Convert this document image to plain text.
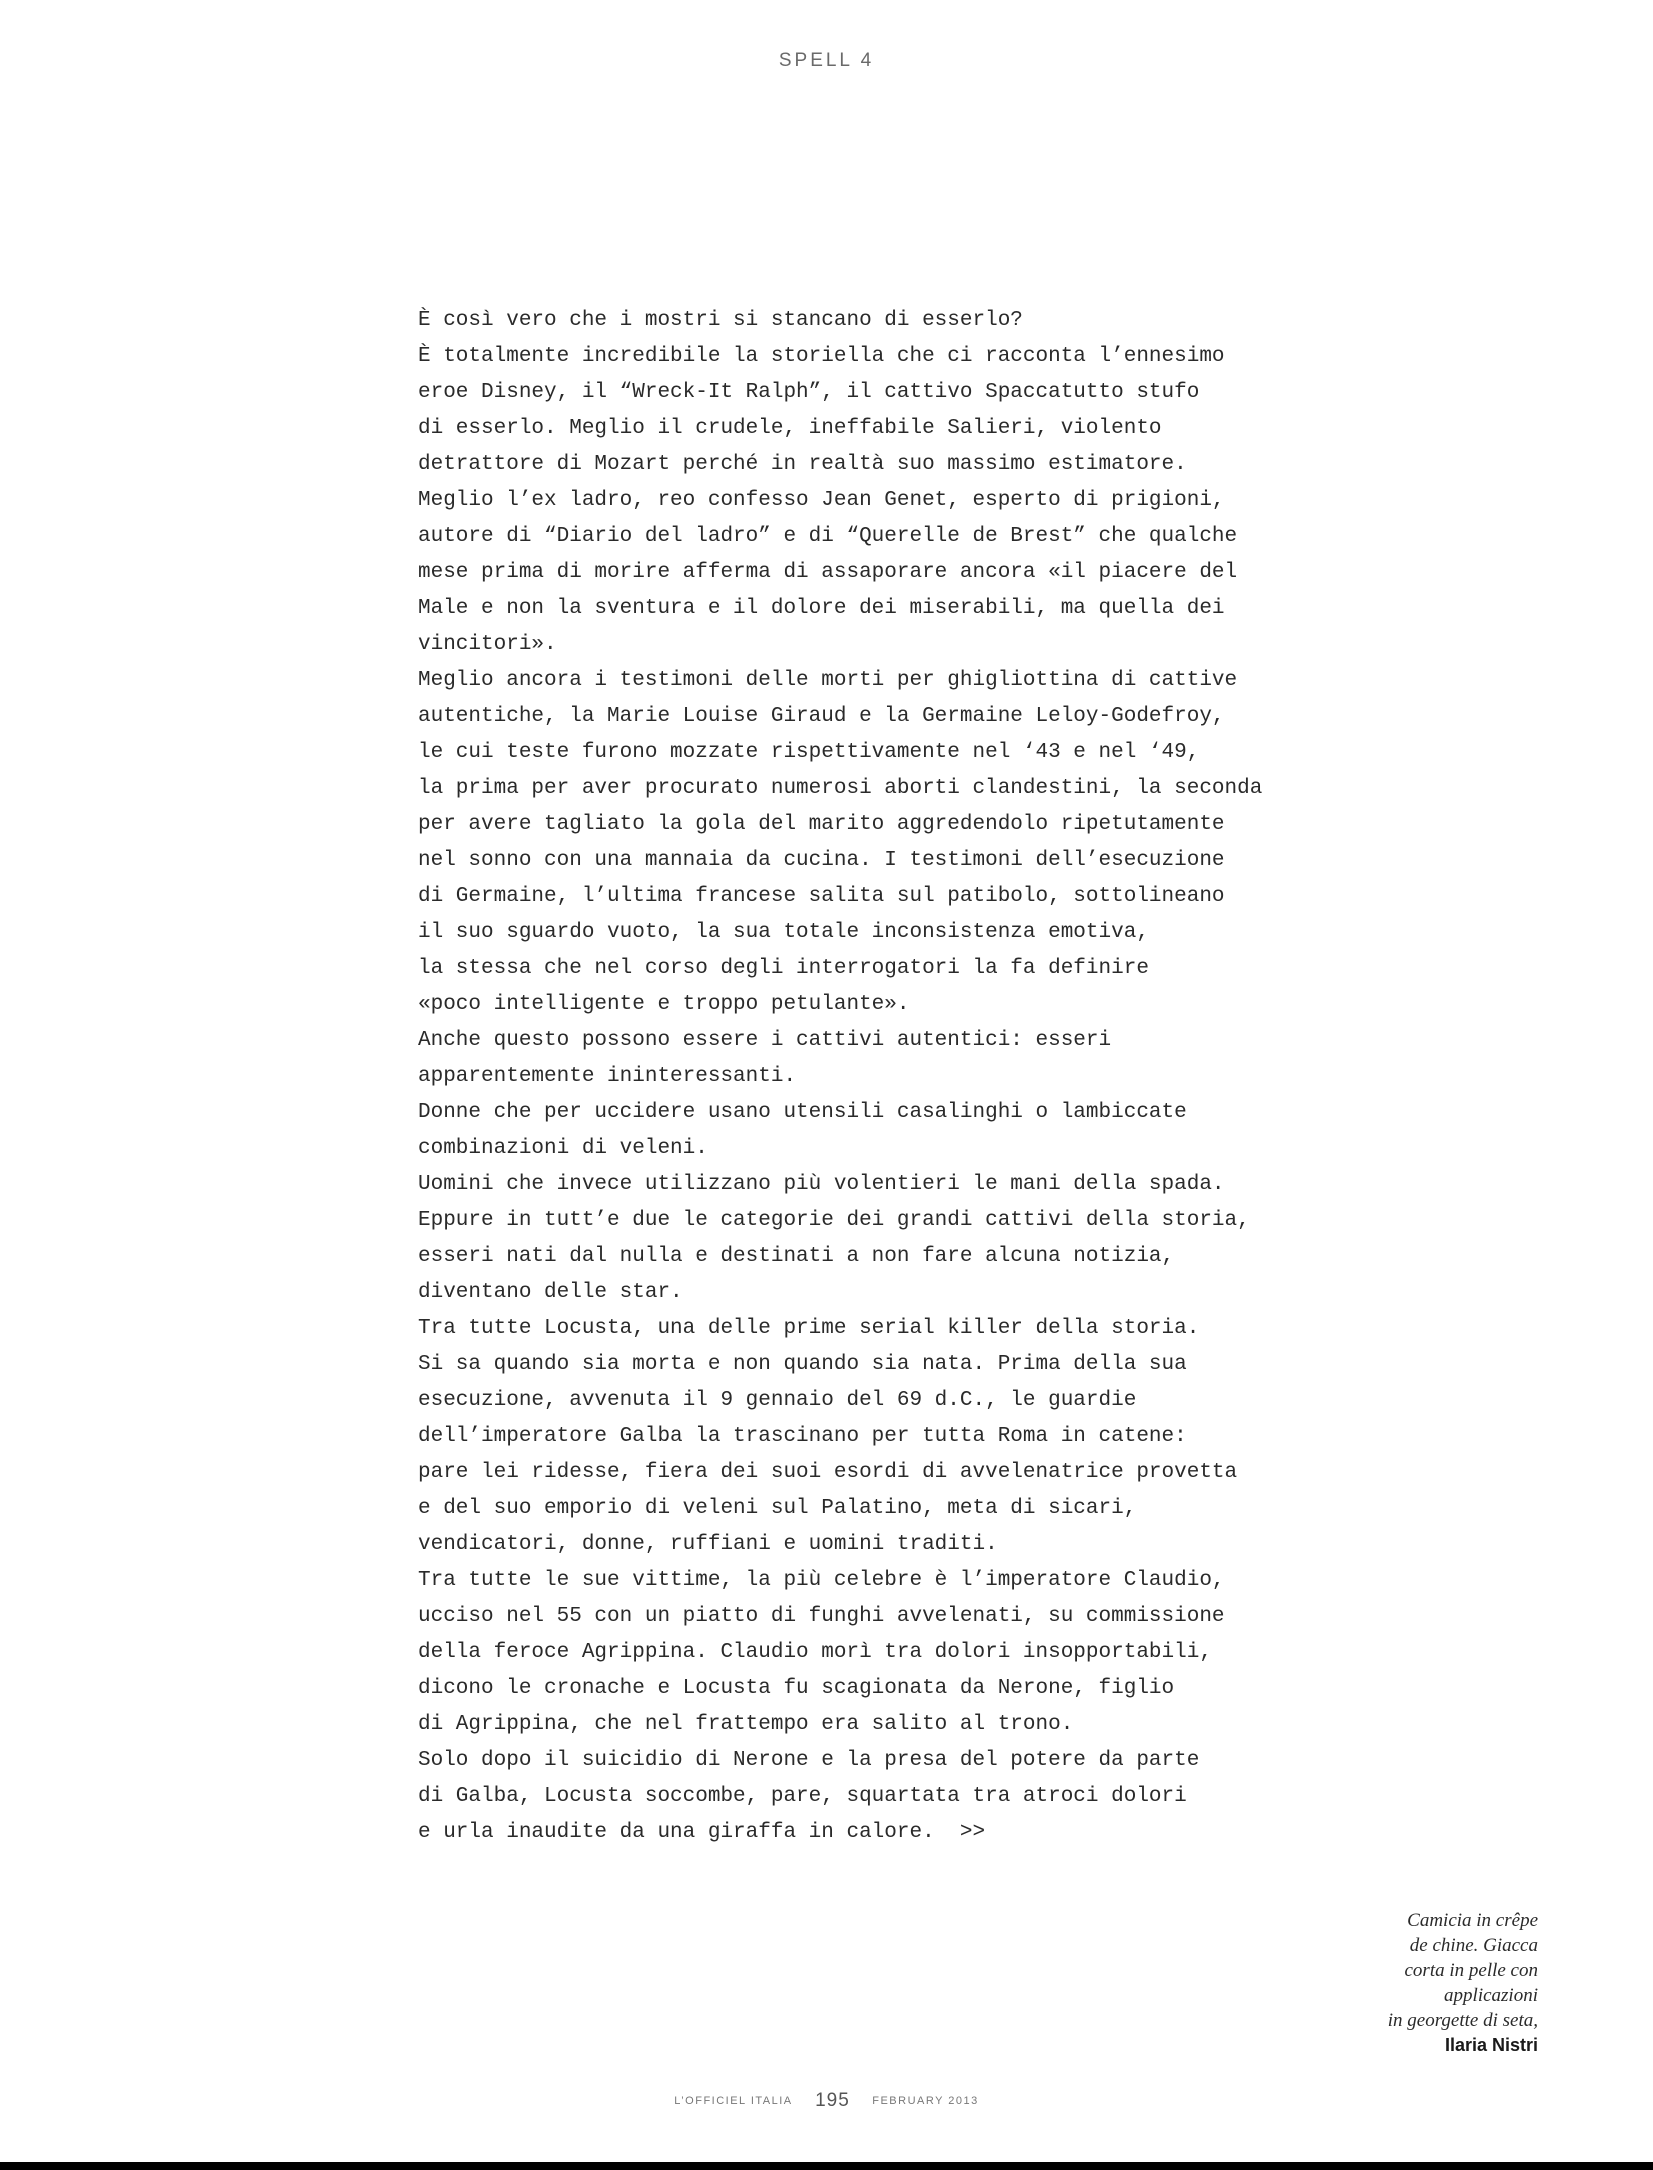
SPELL 4
È così vero che i mostri si stancano di esserlo?
È totalmente incredibile la storiella che ci racconta l’ennesimo
eroe Disney, il “Wreck-It Ralph”, il cattivo Spaccatutto stufo
di esserlo. Meglio il crudele, ineffabile Salieri, violento
detrattore di Mozart perché in realtà suo massimo estimatore.
Meglio l’ex ladro, reo confesso Jean Genet, esperto di prigioni,
autore di “Diario del ladro” e di “Querelle de Brest” che qualche
mese prima di morire afferma di assaporare ancora «il piacere del
Male e non la sventura e il dolore dei miserabili, ma quella dei
vincitori».
Meglio ancora i testimoni delle morti per ghigliottina di cattive
autentiche, la Marie Louise Giraud e la Germaine Leloy-Godefroy,
le cui teste furono mozzate rispettivamente nel ‘43 e nel ‘49,
la prima per aver procurato numerosi aborti clandestini, la seconda
per avere tagliato la gola del marito aggredendolo ripetutamente
nel sonno con una mannaia da cucina. I testimoni dell’esecuzione
di Germaine, l’ultima francese salita sul patibolo, sottolineano
il suo sguardo vuoto, la sua totale inconsistenza emotiva,
la stessa che nel corso degli interrogatori la fa definire
«poco intelligente e troppo petulante».
Anche questo possono essere i cattivi autentici: esseri
apparentemente ininteressanti.
Donne che per uccidere usano utensili casalinghi o lambiccate
combinazioni di veleni.
Uomini che invece utilizzano più volentieri le mani della spada.
Eppure in tutt’e due le categorie dei grandi cattivi della storia,
esseri nati dal nulla e destinati a non fare alcuna notizia,
diventano delle star.
Tra tutte Locusta, una delle prime serial killer della storia.
Si sa quando sia morta e non quando sia nata. Prima della sua
esecuzione, avvenuta il 9 gennaio del 69 d.C., le guardie
dell’imperatore Galba la trascinano per tutta Roma in catene:
pare lei ridesse, fiera dei suoi esordi di avvelenatrice provetta
e del suo emporio di veleni sul Palatino, meta di sicari,
vendicatori, donne, ruffiani e uomini traditi.
Tra tutte le sue vittime, la più celebre è l’imperatore Claudio,
ucciso nel 55 con un piatto di funghi avvelenati, su commissione
della feroce Agrippina. Claudio morì tra dolori insopportabili,
dicono le cronache e Locusta fu scagionata da Nerone, figlio
di Agrippina, che nel frattempo era salito al trono.
Solo dopo il suicidio di Nerone e la presa del potere da parte
di Galba, Locusta soccombe, pare, squartata tra atroci dolori
e urla inaudite da una giraffa in calore.  >>
Camicia in crêpe
de chine. Giacca
corta in pelle con
applicazioni
in georgette di seta,
Ilaria Nistri
L’OFFICIEL ITALIA 195 FEBRUARY 2013
